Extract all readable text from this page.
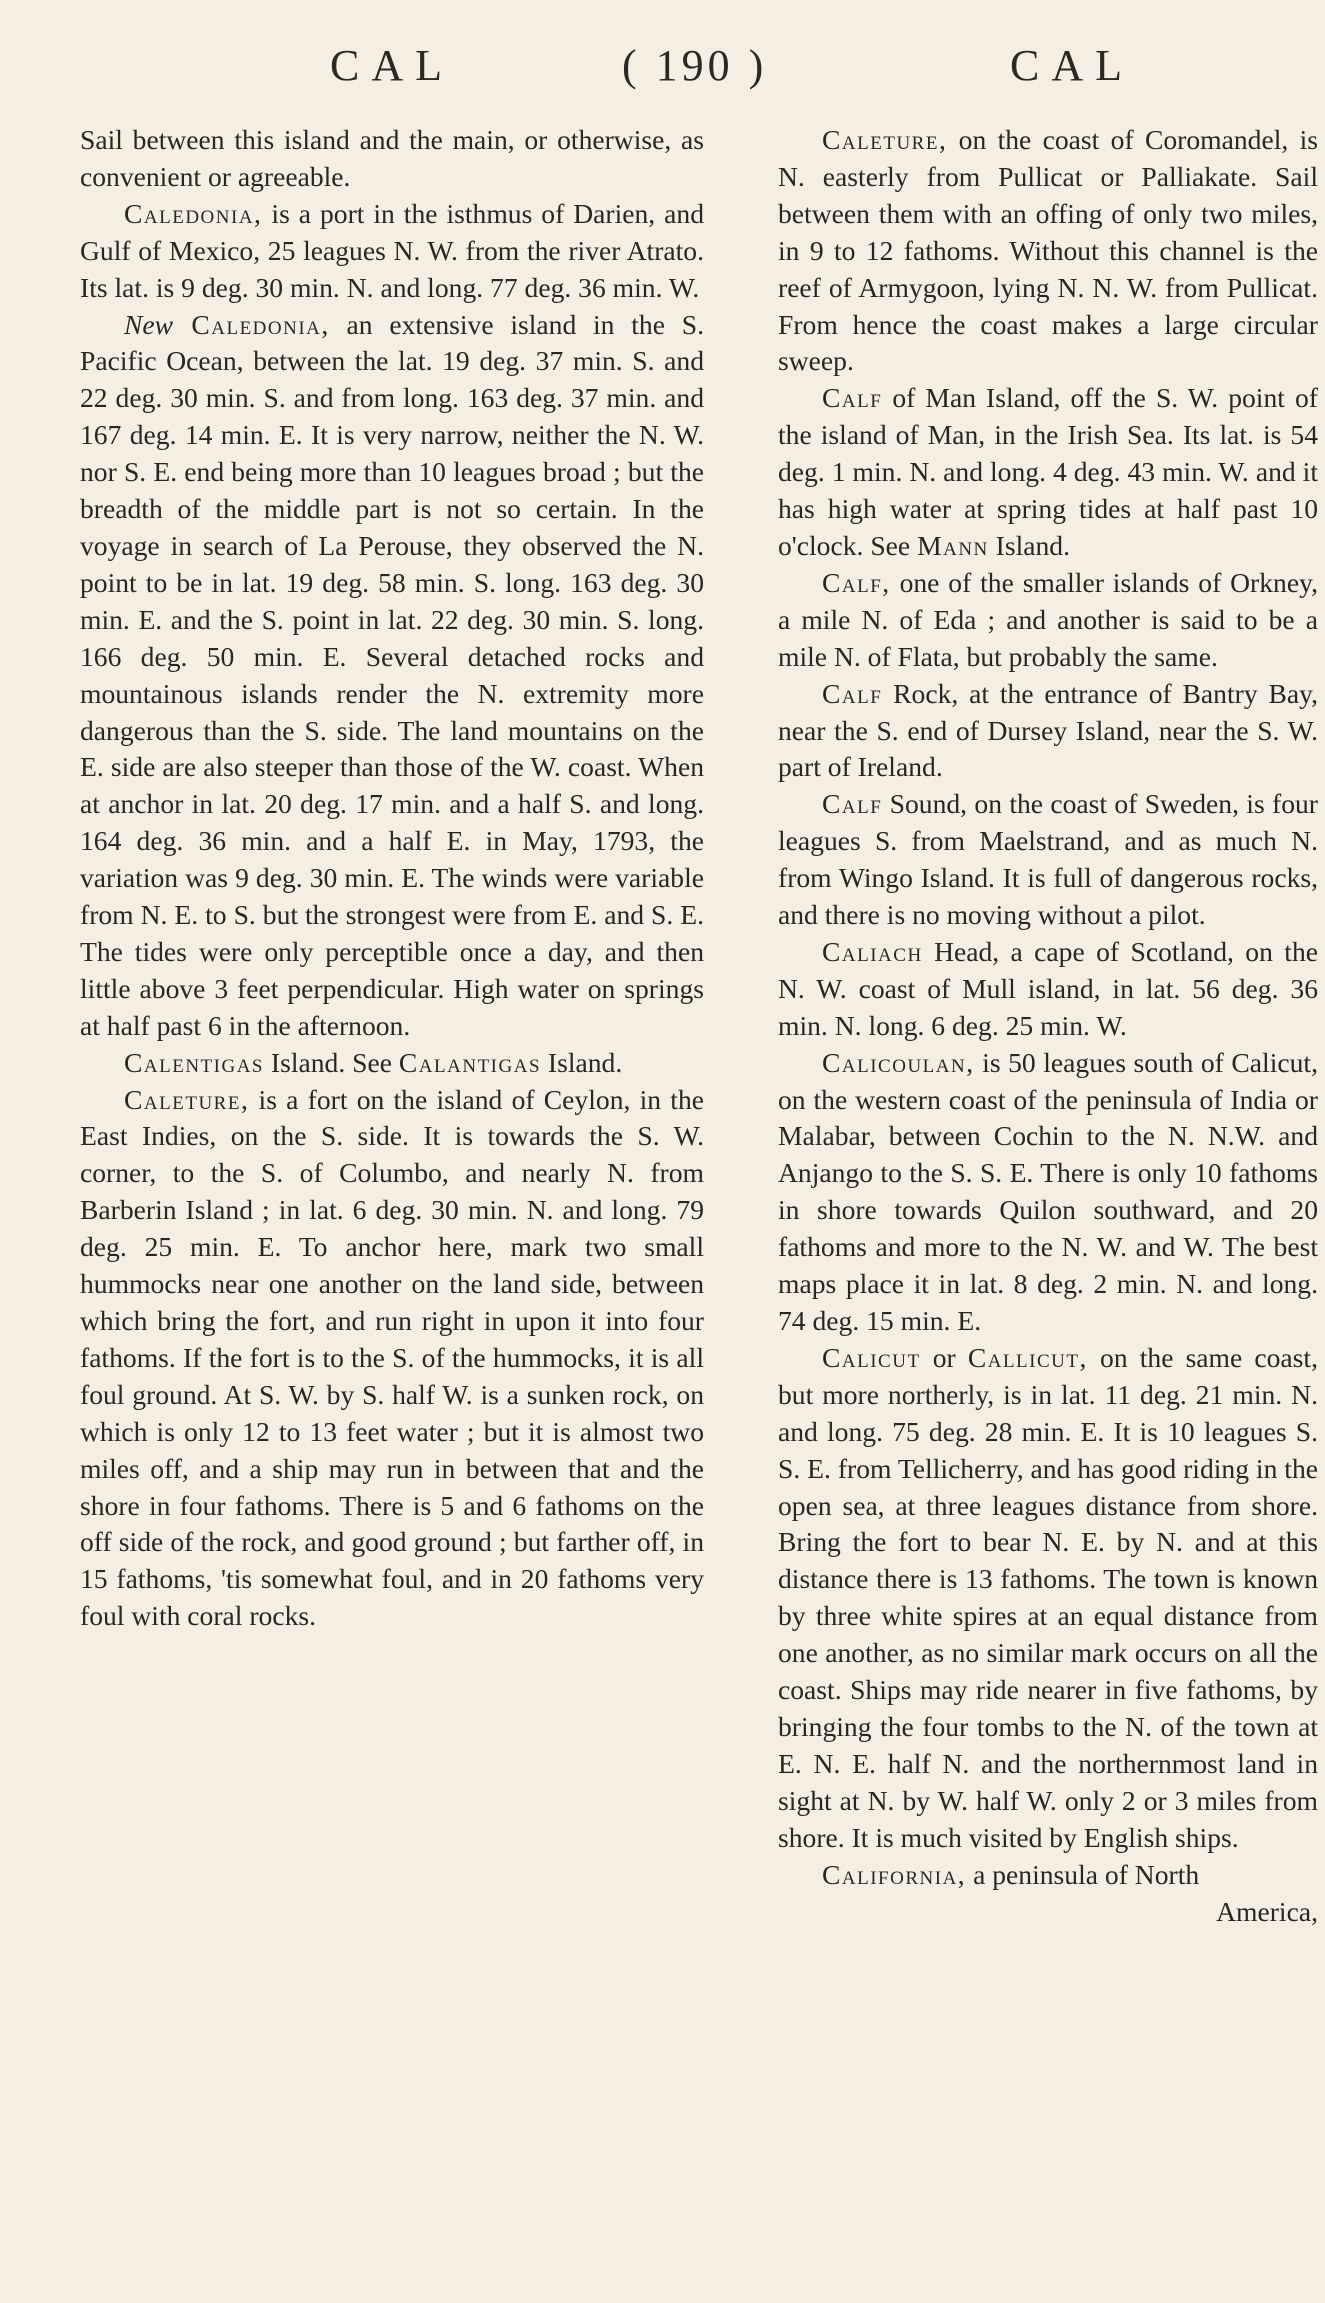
CAL	( 190 )	CAL

Sail between this island and the main, or otherwise, as convenient or agreeable.

Caledonia, is a port in the isthmus of Darien, and Gulf of Mexico, 25 leagues N. W. from the river Atrato. Its lat. is 9 deg. 30 min. N. and long. 77 deg. 36 min. W.

New Caledonia, an extensive island in the S. Pacific Ocean, between the lat. 19 deg. 37 min. S. and 22 deg. 30 min. S. and from long. 163 deg. 37 min. and 167 deg. 14 min. E. It is very narrow, neither the N. W. nor S. E. end being more than 10 leagues broad ; but the breadth of the middle part is not so certain. In the voyage in search of La Perouse, they observed the N. point to be in lat. 19 deg. 58 min. S. long. 163 deg. 30 min. E. and the S. point in lat. 22 deg. 30 min. S. long. 166 deg. 50 min. E. Several detached rocks and mountainous islands render the N. extremity more dangerous than the S. side. The land mountains on the E. side are also steeper than those of the W. coast. When at anchor in lat. 20 deg. 17 min. and a half S. and long. 164 deg. 36 min. and a half E. in May, 1793, the variation was 9 deg. 30 min. E. The winds were variable from N. E. to S. but the strongest were from E. and S. E. The tides were only perceptible once a day, and then little above 3 feet perpendicular. High water on springs at half past 6 in the afternoon.

Calentigas Island. See Calantigas Island.

Caleture, is a fort on the island of Ceylon, in the East Indies, on the S. side. It is towards the S. W. corner, to the S. of Columbo, and nearly N. from Barberin Island ; in lat. 6 deg. 30 min. N. and long. 79 deg. 25 min. E. To anchor here, mark two small hummocks near one another on the land side, between which bring the fort, and run right in upon it into four fathoms. If the fort is to the S. of the hummocks, it is all foul ground. At S. W. by S. half W. is a sunken rock, on which is only 12 to 13 feet water ; but it is almost two miles off, and a ship may run in between that and the shore in four fathoms. There is 5 and 6 fathoms on the off side of the rock, and good ground ; but farther off, in 15 fathoms, 'tis somewhat foul, and in 20 fathoms very foul with coral rocks.

Caleture, on the coast of Coromandel, is N. easterly from Pullicat or Palliakate. Sail between them with an offing of only two miles, in 9 to 12 fathoms. Without this channel is the reef of Armygoon, lying N. N. W. from Pullicat. From hence the coast makes a large circular sweep.

Calf of Man Island, off the S. W. point of the island of Man, in the Irish Sea. Its lat. is 54 deg. 1 min. N. and long. 4 deg. 43 min. W. and it has high water at spring tides at half past 10 o'clock. See Mann Island.

Calf, one of the smaller islands of Orkney, a mile N. of Eda ; and another is said to be a mile N. of Flata, but probably the same.

Calf Rock, at the entrance of Bantry Bay, near the S. end of Dursey Island, near the S. W. part of Ireland.

Calf Sound, on the coast of Sweden, is four leagues S. from Maelstrand, and as much N. from Wingo Island. It is full of dangerous rocks, and there is no moving without a pilot.

Caliach Head, a cape of Scotland, on the N. W. coast of Mull island, in lat. 56 deg. 36 min. N. long. 6 deg. 25 min. W.

Calicoulan, is 50 leagues south of Calicut, on the western coast of the peninsula of India or Malabar, between Cochin to the N. N.W. and Anjango to the S. S. E. There is only 10 fathoms in shore towards Quilon southward, and 20 fathoms and more to the N. W. and W. The best maps place it in lat. 8 deg. 2 min. N. and long. 74 deg. 15 min. E.

Calicut or Callicut, on the same coast, but more northerly, is in lat. 11 deg. 21 min. N. and long. 75 deg. 28 min. E. It is 10 leagues S. S. E. from Tellicherry, and has good riding in the open sea, at three leagues distance from shore. Bring the fort to bear N. E. by N. and at this distance there is 13 fathoms. The town is known by three white spires at an equal distance from one another, as no similar mark occurs on all the coast. Ships may ride nearer in five fathoms, by bringing the four tombs to the N. of the town at E. N. E. half N. and the northernmost land in sight at N. by W. half W. only 2 or 3 miles from shore. It is much visited by English ships.

California, a peninsula of North

America,
